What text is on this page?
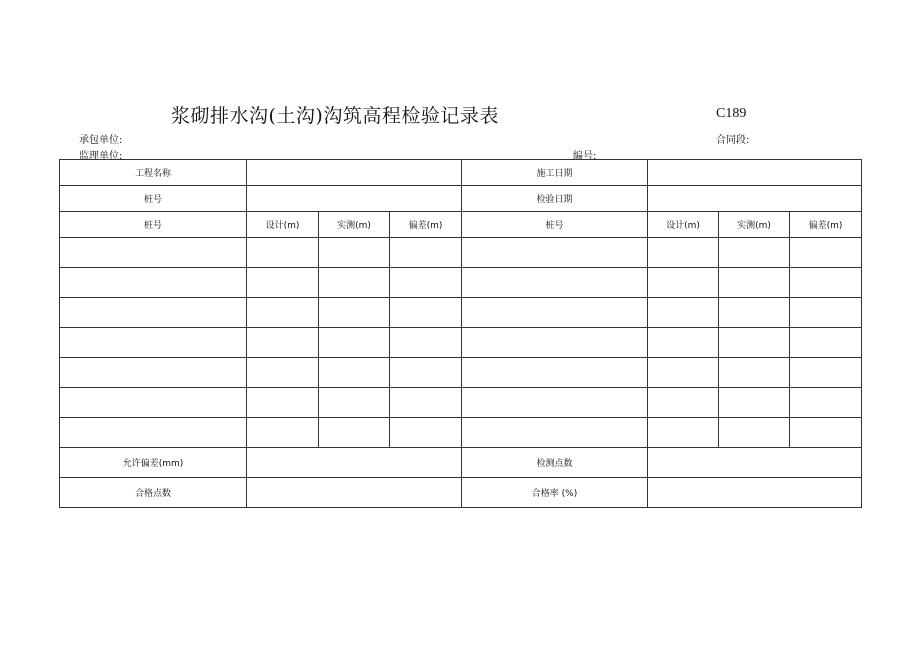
浆砌排水沟(土沟)沟筑高程检验记录表	C189
承包单位:	合同段:
监理单位:	编号:
工程名称				施工日期			
桩号				检验日期			
桩号	设计(m)	实测(m)	偏差(m)	桩号	设计(m)	实测(m)	偏差(m)

允许偏差(mm)				检测点数			
合格点数				合格率 (%)			
